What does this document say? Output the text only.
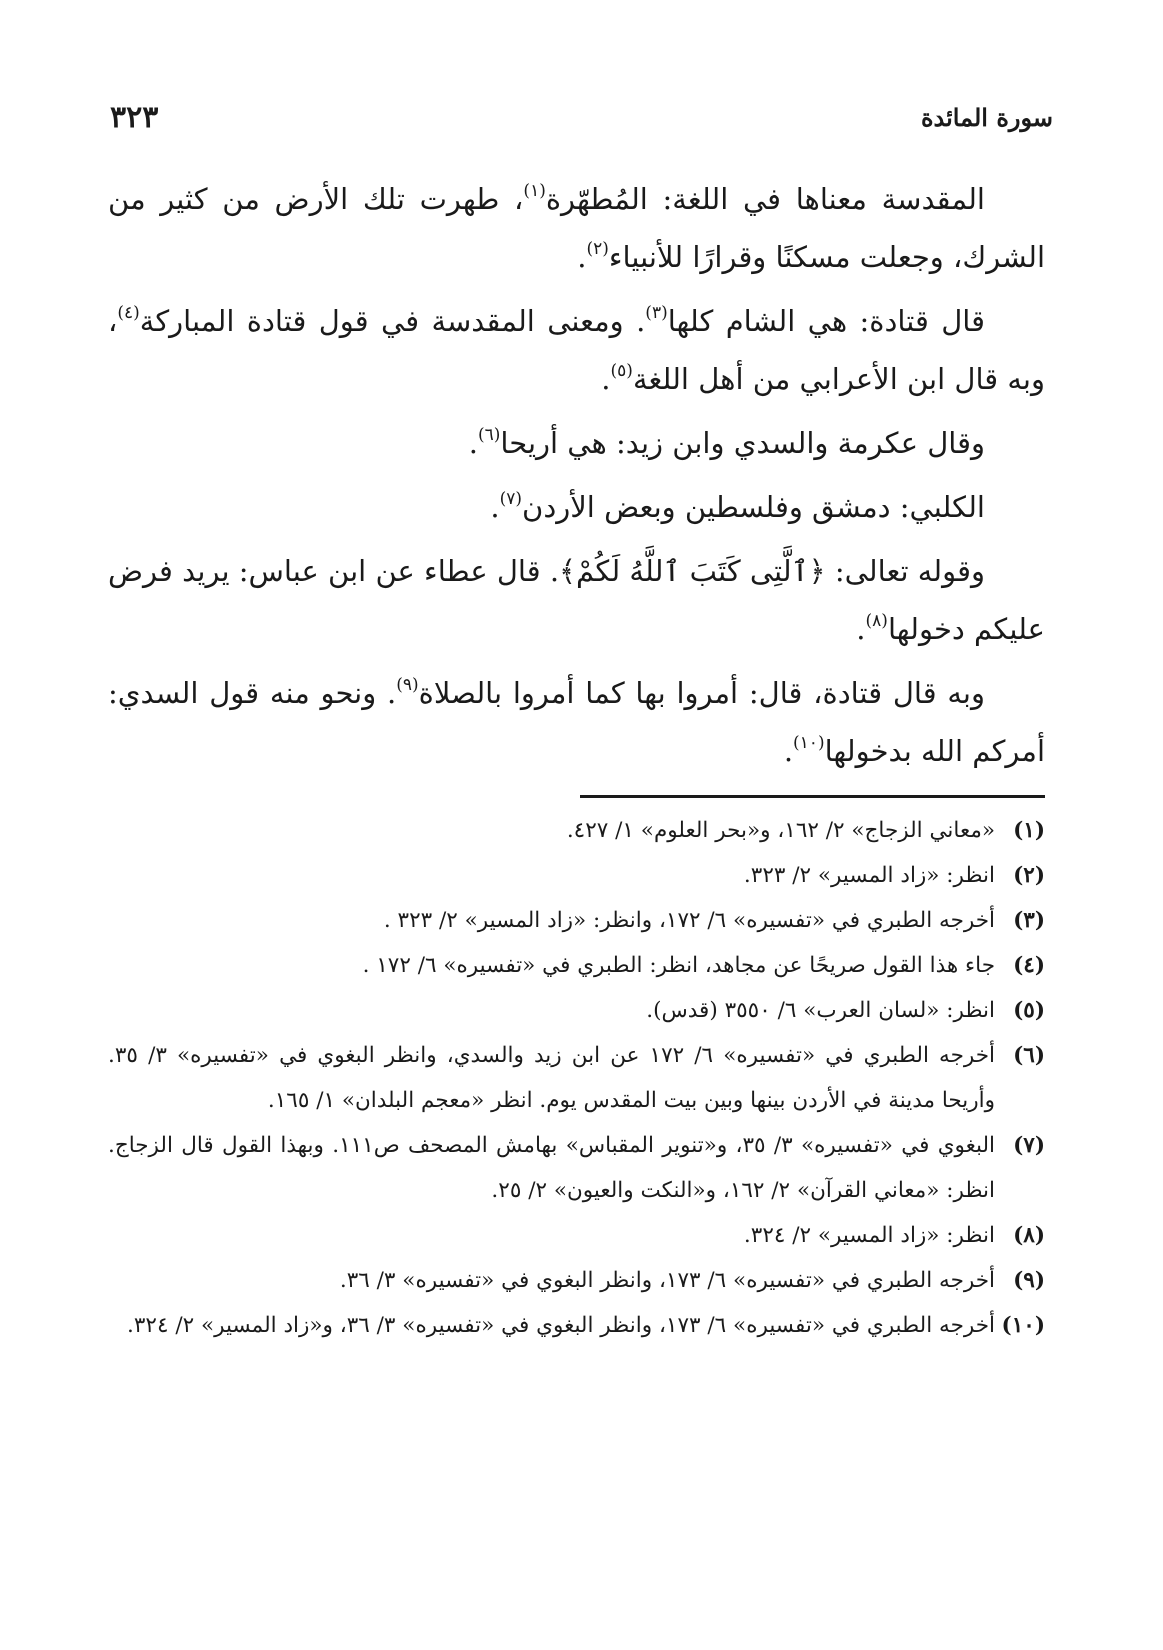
سورة المائدة
٣٢٣

المقدسة معناها في اللغة: المُطهّرة$^{(١)}$، طهرت تلك الأرض من كثير من الشرك، وجعلت مسكنًا وقرارًا للأنبياء$^{(٢)}$.

قال قتادة: هي الشام كلها$^{(٣)}$. ومعنى المقدسة في قول قتادة المباركة$^{(٤)}$، وبه قال ابن الأعرابي من أهل اللغة$^{(٥)}$.

وقال عكرمة والسدي وابن زيد: هي أريحا$^{(٦)}$.

الكلبي: دمشق وفلسطين وبعض الأردن$^{(٧)}$.

وقوله تعالى: ﴿ٱلَّتِى كَتَبَ ٱللَّهُ لَكُمْ﴾. قال عطاء عن ابن عباس: يريد فرض عليكم دخولها$^{(٨)}$.

وبه قال قتادة، قال: أمروا بها كما أمروا بالصلاة$^{(٩)}$. ونحو منه قول السدي: أمركم الله بدخولها$^{(١٠)}$.

(١)
«معاني الزجاج» ٢/ ١٦٢، و«بحر العلوم» ١/ ٤٢٧.
(٢)
انظر: «زاد المسير» ٢/ ٣٢٣.
(٣)
أخرجه الطبري في «تفسيره» ٦/ ١٧٢، وانظر: «زاد المسير» ٢/ ٣٢٣ .
(٤)
جاء هذا القول صريحًا عن مجاهد، انظر: الطبري في «تفسيره» ٦/ ١٧٢ .
(٥)
انظر: «لسان العرب» ٦/ ٣٥٥٠ (قدس).
(٦)
أخرجه الطبري في «تفسيره» ٦/ ١٧٢ عن ابن زيد والسدي، وانظر البغوي في «تفسيره» ٣/ ٣٥. وأريحا مدينة في الأردن بينها وبين بيت المقدس يوم. انظر «معجم البلدان» ١/ ١٦٥.
(٧)
البغوي في «تفسيره» ٣/ ٣٥، و«تنوير المقباس» بهامش المصحف ص١١١. وبهذا القول قال الزجاج. انظر: «معاني القرآن» ٢/ ١٦٢، و«النكت والعيون» ٢/ ٢٥.
(٨)
انظر: «زاد المسير» ٢/ ٣٢٤.
(٩)
أخرجه الطبري في «تفسيره» ٦/ ١٧٣، وانظر البغوي في «تفسيره» ٣/ ٣٦.
(١٠)
أخرجه الطبري في «تفسيره» ٦/ ١٧٣، وانظر البغوي في «تفسيره» ٣/ ٣٦، و«زاد المسير» ٢/ ٣٢٤.
